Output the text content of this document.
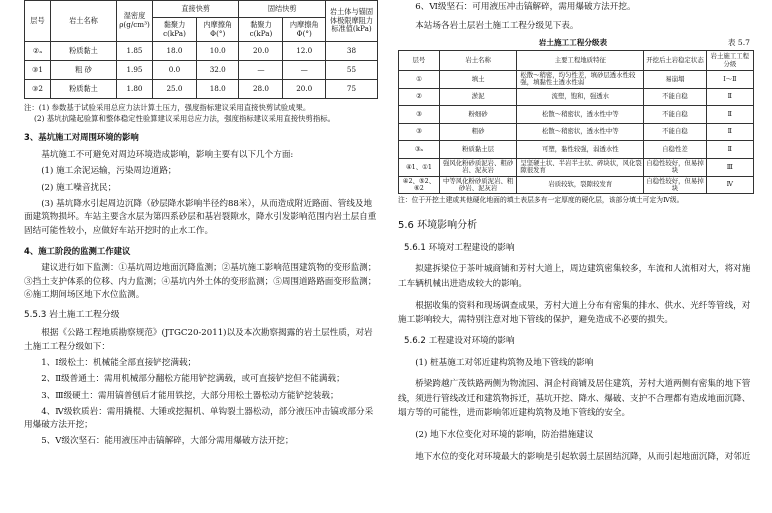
层号	岩土名称	湿密度ρ(g/cm³)	直接快剪		固结快剪		岩土体与锚固体极限摩阻力标准值(kPa)
			黏聚力c(kPa)	内摩擦角Φ(°)	黏聚力c(kPa)	内摩擦角Φ(°)	
②ₐ	粉质黏土	1.85	18.0	10.0	20.0	12.0	38
③1	粗 砂	1.95	0.0	32.0	—	—	55
③2	粉质黏土	1.80	25.0	18.0	28.0	20.0	75
注：(1) 参数基于试验采用总应力法计算土压力，强度指标建议采用直接快剪试验成果。
(2) 基坑抗隆起验算和整体稳定性验算建议采用总应力法，强度指标建议采用直接快剪指标。
3、基坑施工对周围环境的影响

基坑施工不可避免对周边环境造成影响，影响主要有以下几个方面:

(1) 施工余泥运输，污染周边道路；

(2) 施工噪音扰民；

(3) 基坑降水引起周边沉降（砂层降水影响半径约88米），从而造成附近路面、管线及地面建筑物损坏。车站主要含水层为第四系砂层和基岩裂隙水，降水引发影响范围内岩土层自重固结可能性较小，应做好车站开挖时的止水工作。

4、施工阶段的监测工作建议

建议进行如下监测：①基坑周边地面沉降监测；②基坑施工影响范围建筑物的变形监测；③挡土支护体系的位移、内力监测；④基坑内外土体的变形监测；⑤周围道路路面变形监测；⑥施工期间场区地下水位监测。

5.5.3 岩土施工工程分级

根据《公路工程地质勘察规范》(JTGC20-2011)以及本次勘察揭露的岩土层性质，对岩土施工工程分级如下：

1、Ⅰ级松土：机械能全部直接铲挖满载；

2、Ⅱ级普通土：需用机械部分翻松方能用铲挖满载，或可直接铲挖但不能满载；

3、Ⅲ级硬土：需用镐普刨后才能用铁挖，大部分用松土器松动方能铲挖装载；

4、Ⅳ级软质岩：需用撬棍、大锤或挖掘机、单钩裂土器松动，部分液压冲击镐或部分采用爆破方法开挖；

5、Ⅴ级次坚石：能用液压冲击镐解碎，大部分需用爆破方法开挖；

6、Ⅵ级坚石：可用液压冲击镐解碎，需用爆破方法开挖。

本站场各岩土层岩土施工工程分级见下表。

岩土施工工程分级表	表 5.7
层号	岩土名称	主要工程地质特征	开挖后土岩稳定状态	岩土施工工程分级
①	填土	松散～稍密，均匀性差，填砂层透水性较强，填黏性土透水性弱	易崩塌	Ⅰ～Ⅱ
②	淤泥	流塑，饱和，强透水	不能自稳	Ⅱ
③	粉细砂	松散～稍密状，透水性中等	不能自稳	Ⅱ
③	粗砂	松散～稍密状，透水性中等	不能自稳	Ⅱ
③ₐ	粉质黏土层	可塑，黏性较强，弱透水性	自稳性差	Ⅱ
④1、①1	强风化粉砂质泥岩、粗砂岩、泥灰岩	呈坚硬土状、半岩半土状、碎块状，风化裂隙很发育	自稳性较好，但易掉块	Ⅲ
④2、⑤2、⑥2	中等风化粉砂质泥岩、粗砂岩、泥灰岩	岩质较软，裂隙较发育	自稳性较好，但易掉块	Ⅳ
注：位于开挖土建或其他硬化地面的填土表层多有一定厚度的硬化层，该部分填土可定为Ⅳ级。
5.6 环境影响分析
5.6.1 环境对工程建设的影响

拟建拆梁位于茶叶城商铺和芳村大道上，周边建筑密集较多，车流和人流相对大，将对施工车辆机械出进造成较大的影响。

根据收集的资料和现场调查成果，芳村大道上分布有密集的排水、供水、光纤等管线，对施工影响较大，需特别注意对地下管线的保护，避免造成不必要的损失。

5.6.2 工程建设对环境的影响

(1) 桩基施工对邻近建构筑物及地下管线的影响

桥梁跨越广茂铁路两侧为物流园、洞企村商铺及居住建筑，芳村大道两侧有密集的地下管线，须进行管线改迁和建筑物拆迁，基坑开挖、降水、爆破、支护不合理都有造成地面沉降、塌方等的可能性，进而影响邻近建构筑物及地下管线的安全。

(2) 地下水位变化对环境的影响，防治措施建议

地下水位的变化对环境最大的影响是引起软弱土层固结沉降，从而引起地面沉降，对邻近
